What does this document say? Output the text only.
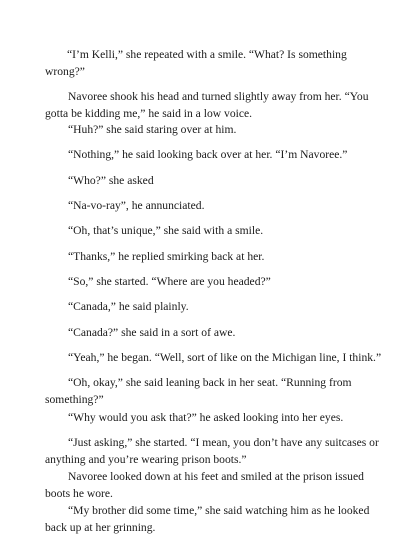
“I’m Kelli,” she repeated with a smile. “What? Is something wrong?”

Navoree shook his head and turned slightly away from her. “You gotta be kidding me,” he said in a low voice.

“Huh?” she said staring over at him.

“Nothing,” he said looking back over at her. “I’m Navoree.”

“Who?” she asked

“Na-vo-ray”, he annunciated.

“Oh, that’s unique,” she said with a smile.

“Thanks,” he replied smirking back at her.

“So,” she started. “Where are you headed?”

“Canada,” he said plainly.

“Canada?” she said in a sort of awe.

“Yeah,” he began. “Well, sort of like on the Michigan line, I think.”

“Oh, okay,” she said leaning back in her seat. “Running from something?”

“Why would you ask that?” he asked looking into her eyes.

“Just asking,” she started. “I mean, you don’t have any suitcases or anything and you’re wearing prison boots.”

Navoree looked down at his feet and smiled at the prison issued boots he wore.

“My brother did some time,” she said watching him as he looked back up at her grinning.
